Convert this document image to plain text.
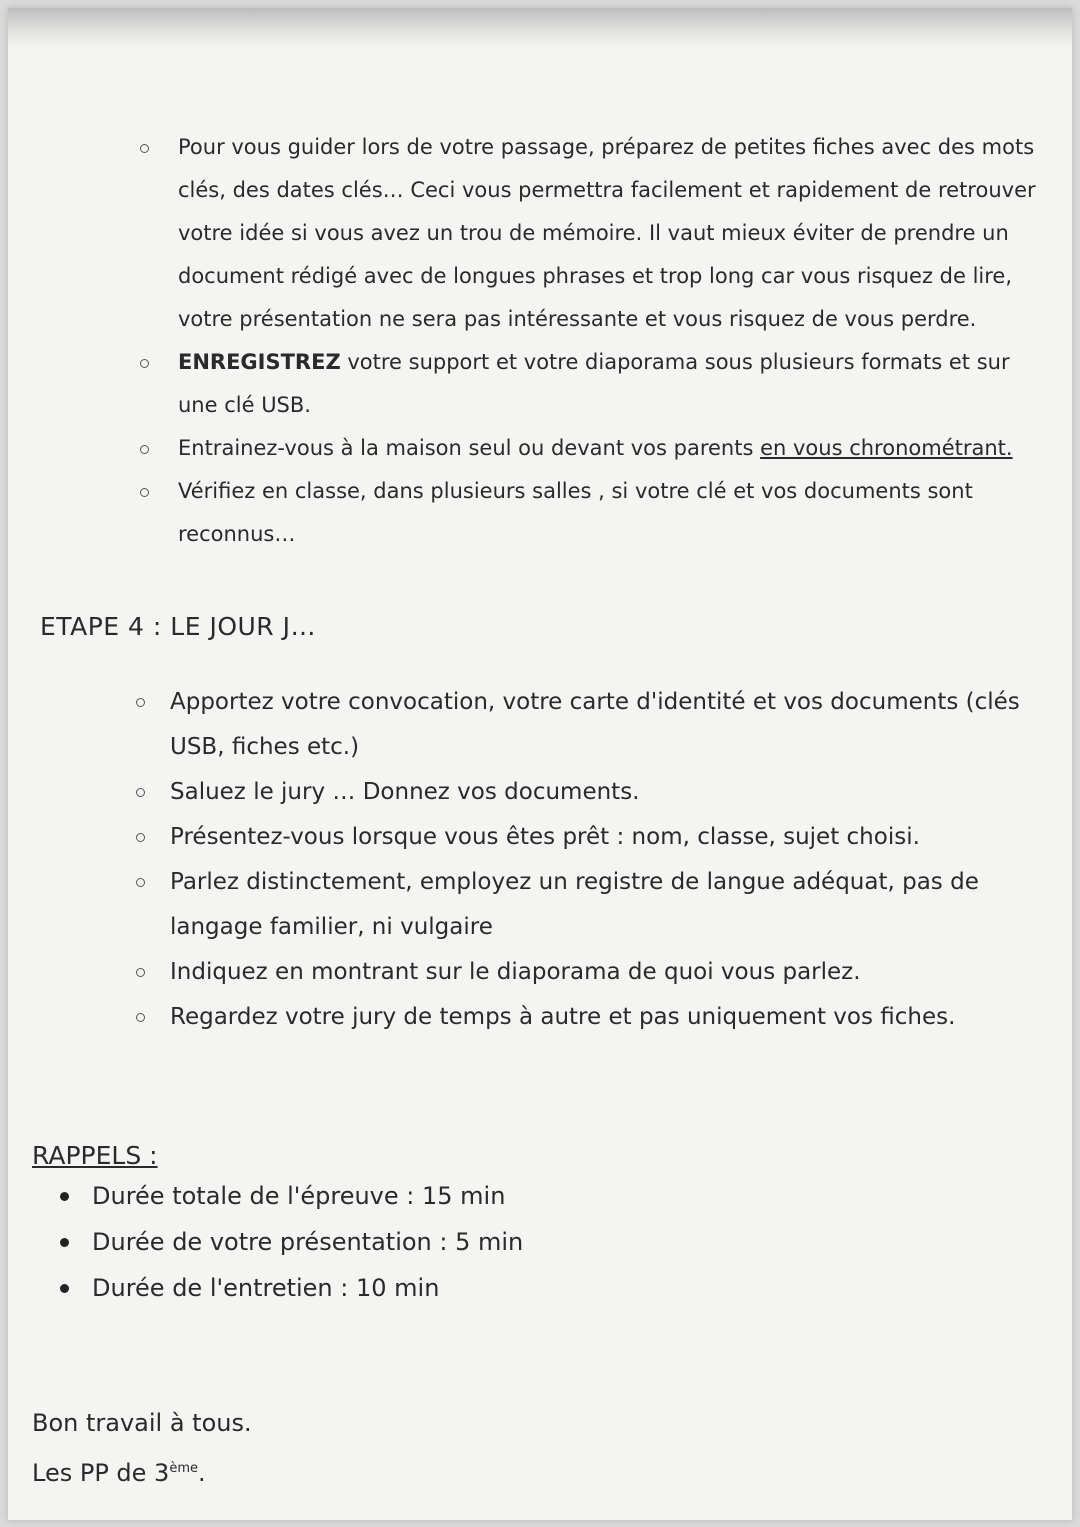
Pour vous guider lors de votre passage, préparez de petites fiches avec des mots clés, des dates clés… Ceci vous permettra facilement et rapidement de retrouver votre idée si vous avez un trou de mémoire. Il vaut mieux éviter de prendre un document rédigé avec de longues phrases et trop long car vous risquez de lire, votre présentation ne sera pas intéressante et vous risquez de vous perdre.
ENREGISTREZ votre support et votre diaporama sous plusieurs formats et sur une clé USB.
Entrainez-vous à la maison seul ou devant vos parents en vous chronométrant.
Vérifiez en classe, dans plusieurs salles , si votre clé et vos documents sont reconnus…
ETAPE 4 : LE JOUR J…
Apportez votre convocation, votre carte d'identité et vos documents (clés USB, fiches etc.)
Saluez le jury … Donnez vos documents.
Présentez-vous lorsque vous êtes prêt : nom, classe, sujet choisi.
Parlez distinctement, employez un registre de langue adéquat, pas de langage familier, ni vulgaire
Indiquez en montrant sur le diaporama de quoi vous parlez.
Regardez votre jury de temps à autre et pas uniquement vos fiches.
RAPPELS :
Durée totale de l'épreuve : 15 min
Durée de votre présentation : 5 min
Durée de l'entretien : 10 min
Bon travail à tous.
Les PP de 3ème.
